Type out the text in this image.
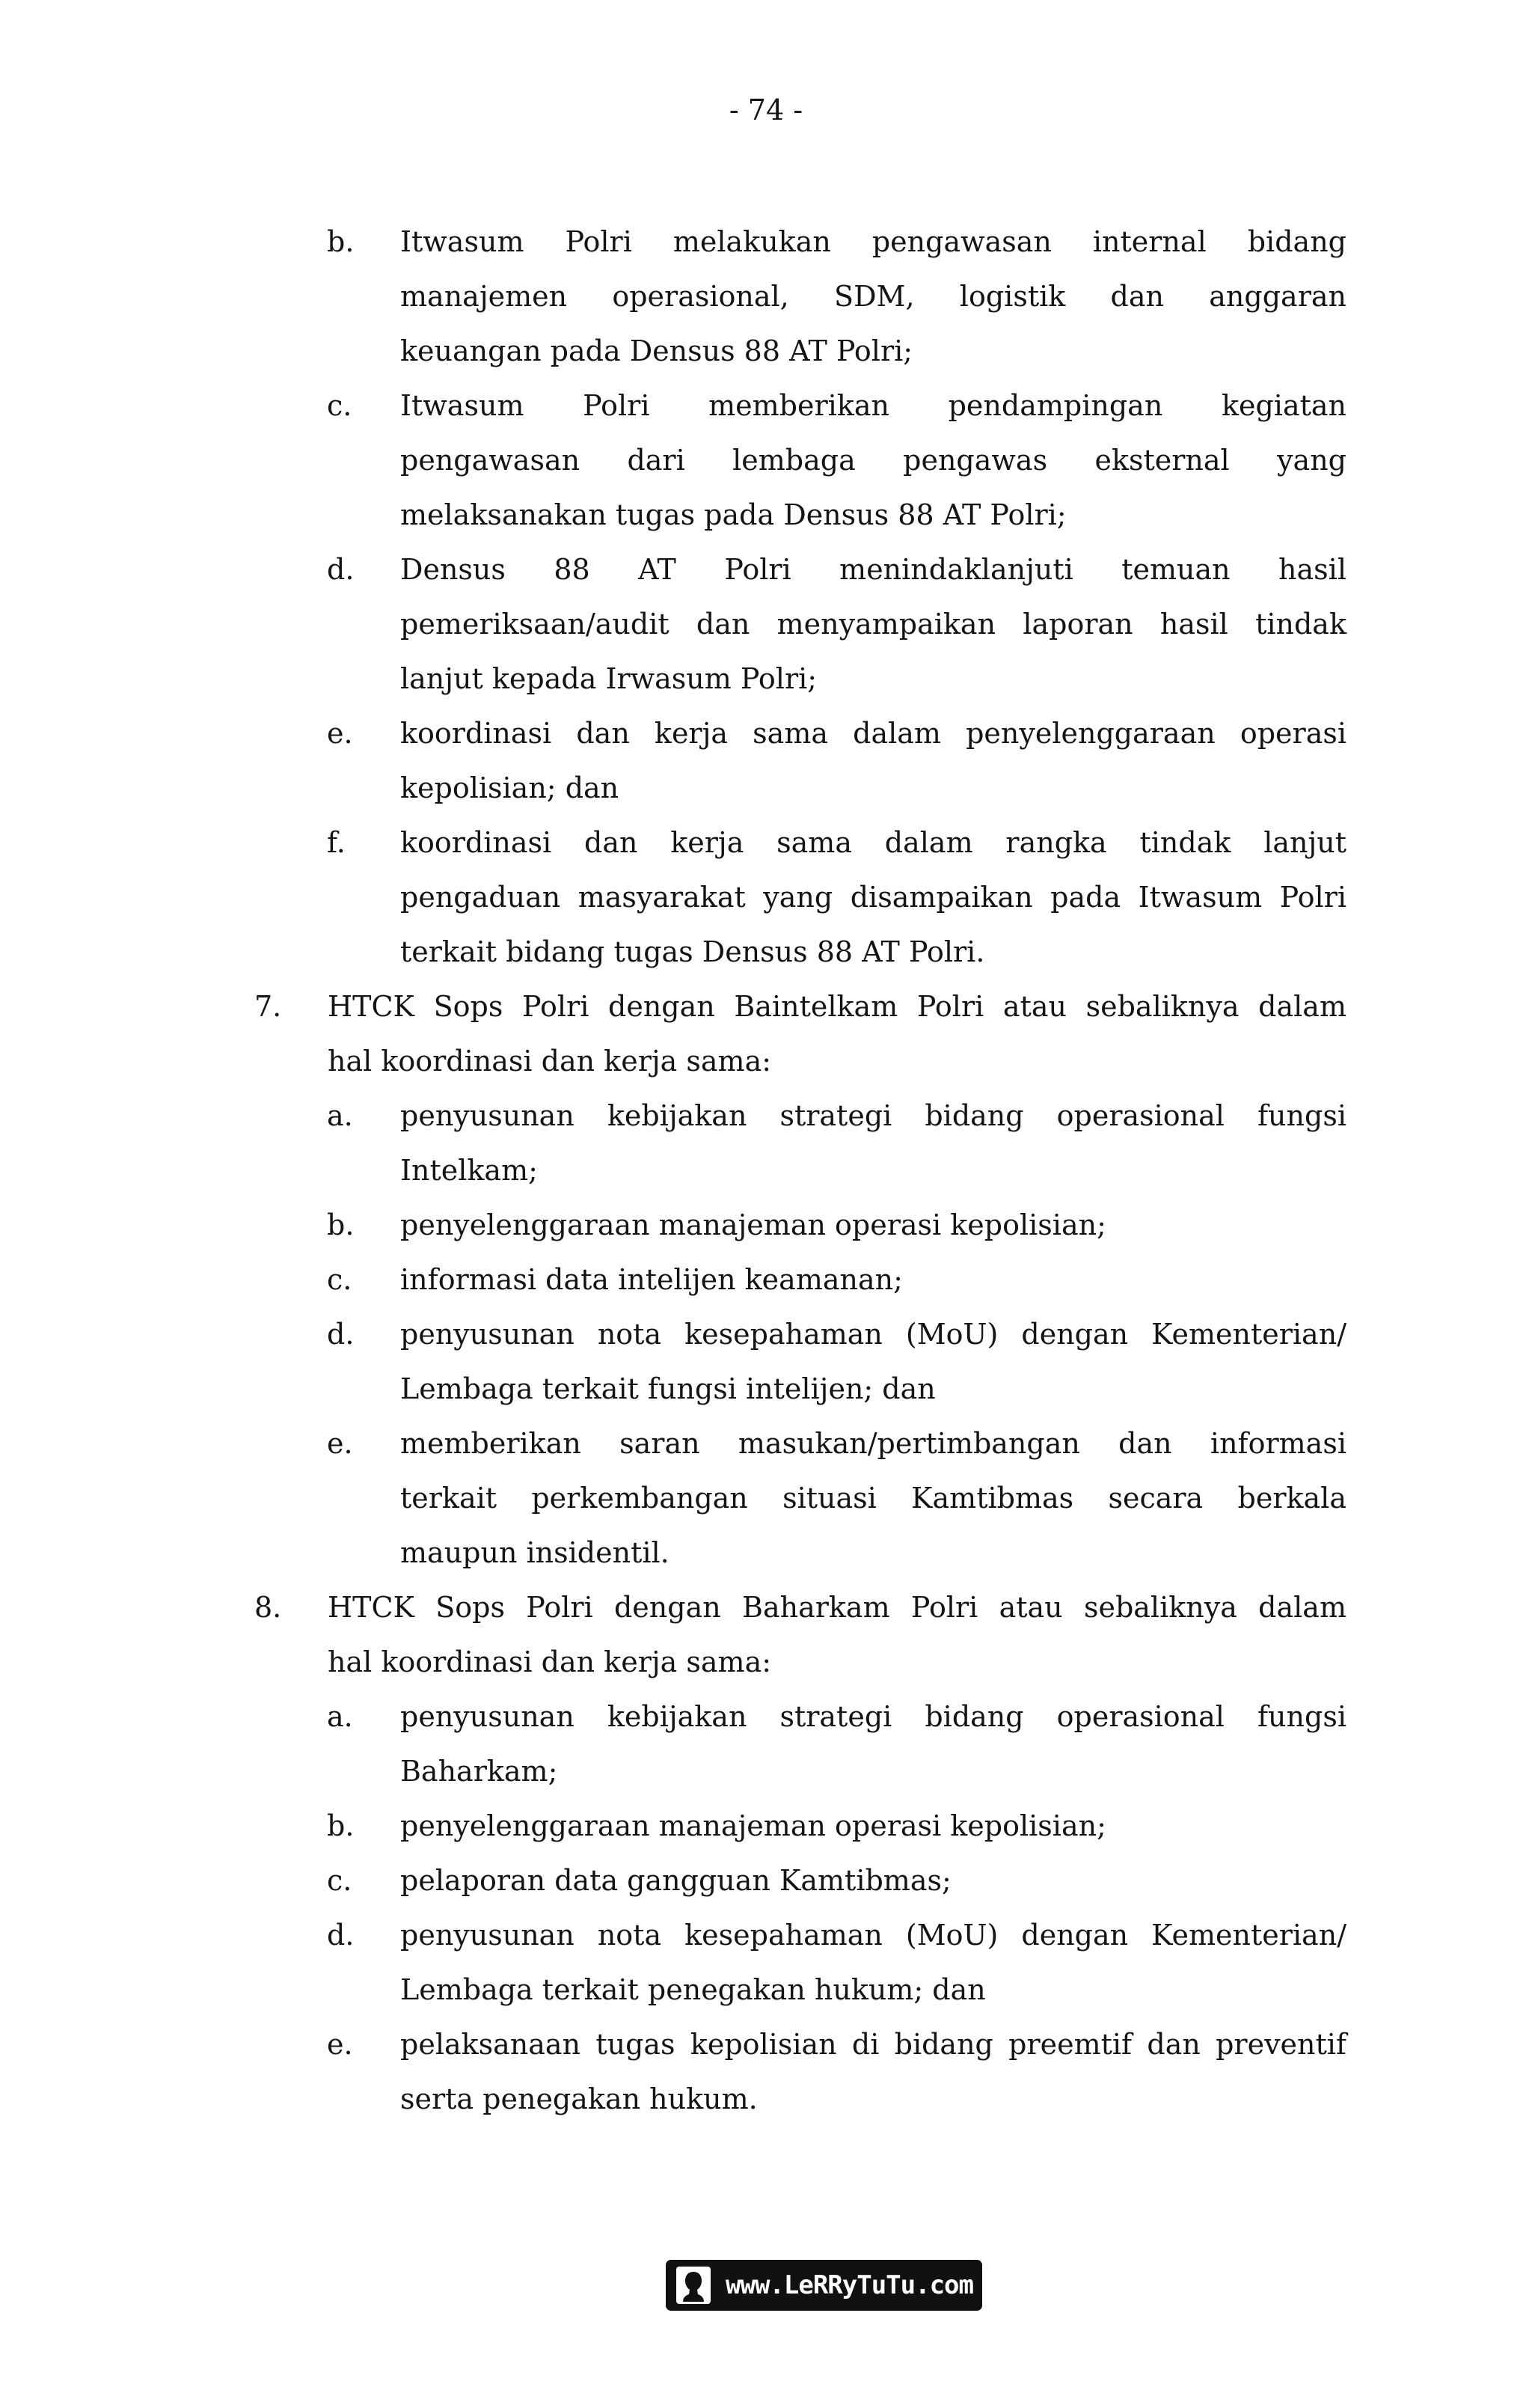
- 74 -
b. Itwasum Polri melakukan pengawasan internal bidang
manajemen operasional, SDM, logistik dan anggaran
keuangan pada Densus 88 AT Polri;
c. Itwasum Polri memberikan pendampingan kegiatan
pengawasan dari lembaga pengawas eksternal yang
melaksanakan tugas pada Densus 88 AT Polri;
d. Densus 88 AT Polri menindaklanjuti temuan hasil
pemeriksaan/audit dan menyampaikan laporan hasil tindak
lanjut kepada Irwasum Polri;
e. koordinasi dan kerja sama dalam penyelenggaraan operasi
kepolisian; dan
f. koordinasi dan kerja sama dalam rangka tindak lanjut
pengaduan masyarakat yang disampaikan pada Itwasum Polri
terkait bidang tugas Densus 88 AT Polri.
7. HTCK Sops Polri dengan Baintelkam Polri atau sebaliknya dalam
hal koordinasi dan kerja sama:
a. penyusunan kebijakan strategi bidang operasional fungsi
Intelkam;
b. penyelenggaraan manajeman operasi kepolisian;
c. informasi data intelijen keamanan;
d. penyusunan nota kesepahaman (MoU) dengan Kementerian/
Lembaga terkait fungsi intelijen; dan
e. memberikan saran masukan/pertimbangan dan informasi
terkait perkembangan situasi Kamtibmas secara berkala
maupun insidentil.
8. HTCK Sops Polri dengan Baharkam Polri atau sebaliknya dalam
hal koordinasi dan kerja sama:
a. penyusunan kebijakan strategi bidang operasional fungsi
Baharkam;
b. penyelenggaraan manajeman operasi kepolisian;
c. pelaporan data gangguan Kamtibmas;
d. penyusunan nota kesepahaman (MoU) dengan Kementerian/
Lembaga terkait penegakan hukum; dan
e. pelaksanaan tugas kepolisian di bidang preemtif dan preventif
serta penegakan hukum.
www.LeRRyTuTu.com
